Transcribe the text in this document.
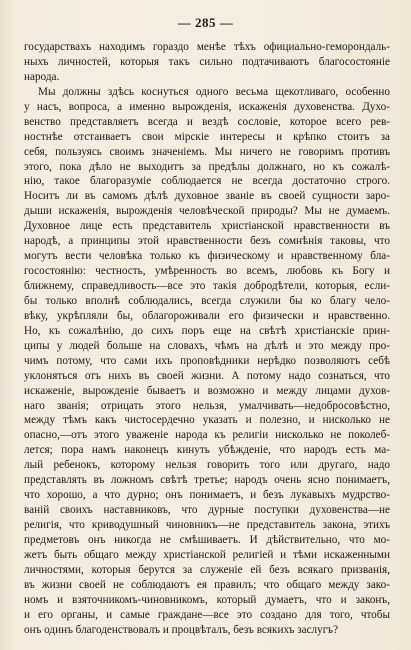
— 285 —
государствахъ находимъ гораздо менѣе тѣхъ официально-геморондаль-
ныхъ личностей, которыя такъ сильно подтачиваютъ благосостояніе
народа.
Мы должны здѣсь коснуться одного весьма щекотливаго, особенно
у насъ, вопроса, а именно вырожденія, искаженія духовенства. Духо-
венство представляетъ всегда и вездѣ сословіе, которое всего рев-
ностнѣе отстаиваетъ свои мірскіе интересы и крѣпко стоитъ за
себя, пользуясь своимъ значеніемъ. Мы ничего не говоримъ противъ
этого, пока дѣло не выходитъ за предѣлы должнаго, но къ сожалѣ-
нію, такое благоразуміе соблюдается не всегда достаточно строго.
Носитъ ли въ самомъ дѣлѣ духовное званіе въ своей сущности заро-
дыши искаженія, вырожденія человѣческой природы? Мы не думаемъ.
Духовное лице есть представитель христіанской нравственности въ
народѣ, а принципы этой нравственности безъ сомнѣнія таковы, что
могутъ вести человѣка только къ физическому и нравственному бла-
госостоянію: честность, умѣренность во всемъ, любовь къ Богу и
ближнему, справедливость—все это такія добродѣтели, которыя, если-
бы только вполнѣ соблюдались, всегда служили бы ко благу чело-
вѣку, укрѣпляли бы, облагороживали его физически и нравственно.
Но, къ сожалѣнію, до сихъ поръ еще на свѣтѣ христіанскіе прин-
ципы у людей больше на словахъ, чѣмъ на дѣлѣ и это между про-
чимъ потому, что сами ихъ проповѣдники нерѣдко позволяютъ себѣ
уклоняться отъ нихъ въ своей жизни. А потому надо сознаться, что
искаженіе, вырожденіе бываетъ и возможно и между лицами духов-
наго званія; отрицать этого нельзя, умалчивать—недобросовѣстно,
между тѣмъ какъ чистосердечно указать и полезно, и нисколько не
опасно,—отъ этого уваженіе народа къ религіи нисколько не поколеб-
лется; пора намъ наконецъ кинуть убѣжденіе, что народъ есть ма-
лый ребенокъ, которому нельзя говорить того или другаго, надо
представлять въ ложномъ свѣтѣ третье; народъ очень ясно понимаетъ,
что хорошо, а что дурно; онъ понимаетъ, и безъ лукавыхъ мудрство-
ваній своихъ наставниковъ, что дурные поступки духовенства—не
религія, что криводушный чиновникъ—не представитель закона, этихъ
предметовъ онъ никогда не смѣшиваетъ. И дѣйствительно, что мо-
жетъ быть общаго между христіанской религіей и тѣми искаженными
личностями, которыя берутся за служеніе ей безъ всякаго призванія,
въ жизни своей не соблюдаютъ ея правилъ; что общаго между зако-
номъ и взяточникомъ-чиновникомъ, который думаетъ, что и законъ,
и его органы, и самые граждане—все это создано для того, чтобы
онъ одинъ благоденствовалъ и процвѣталъ, безъ всякихъ заслугъ?
